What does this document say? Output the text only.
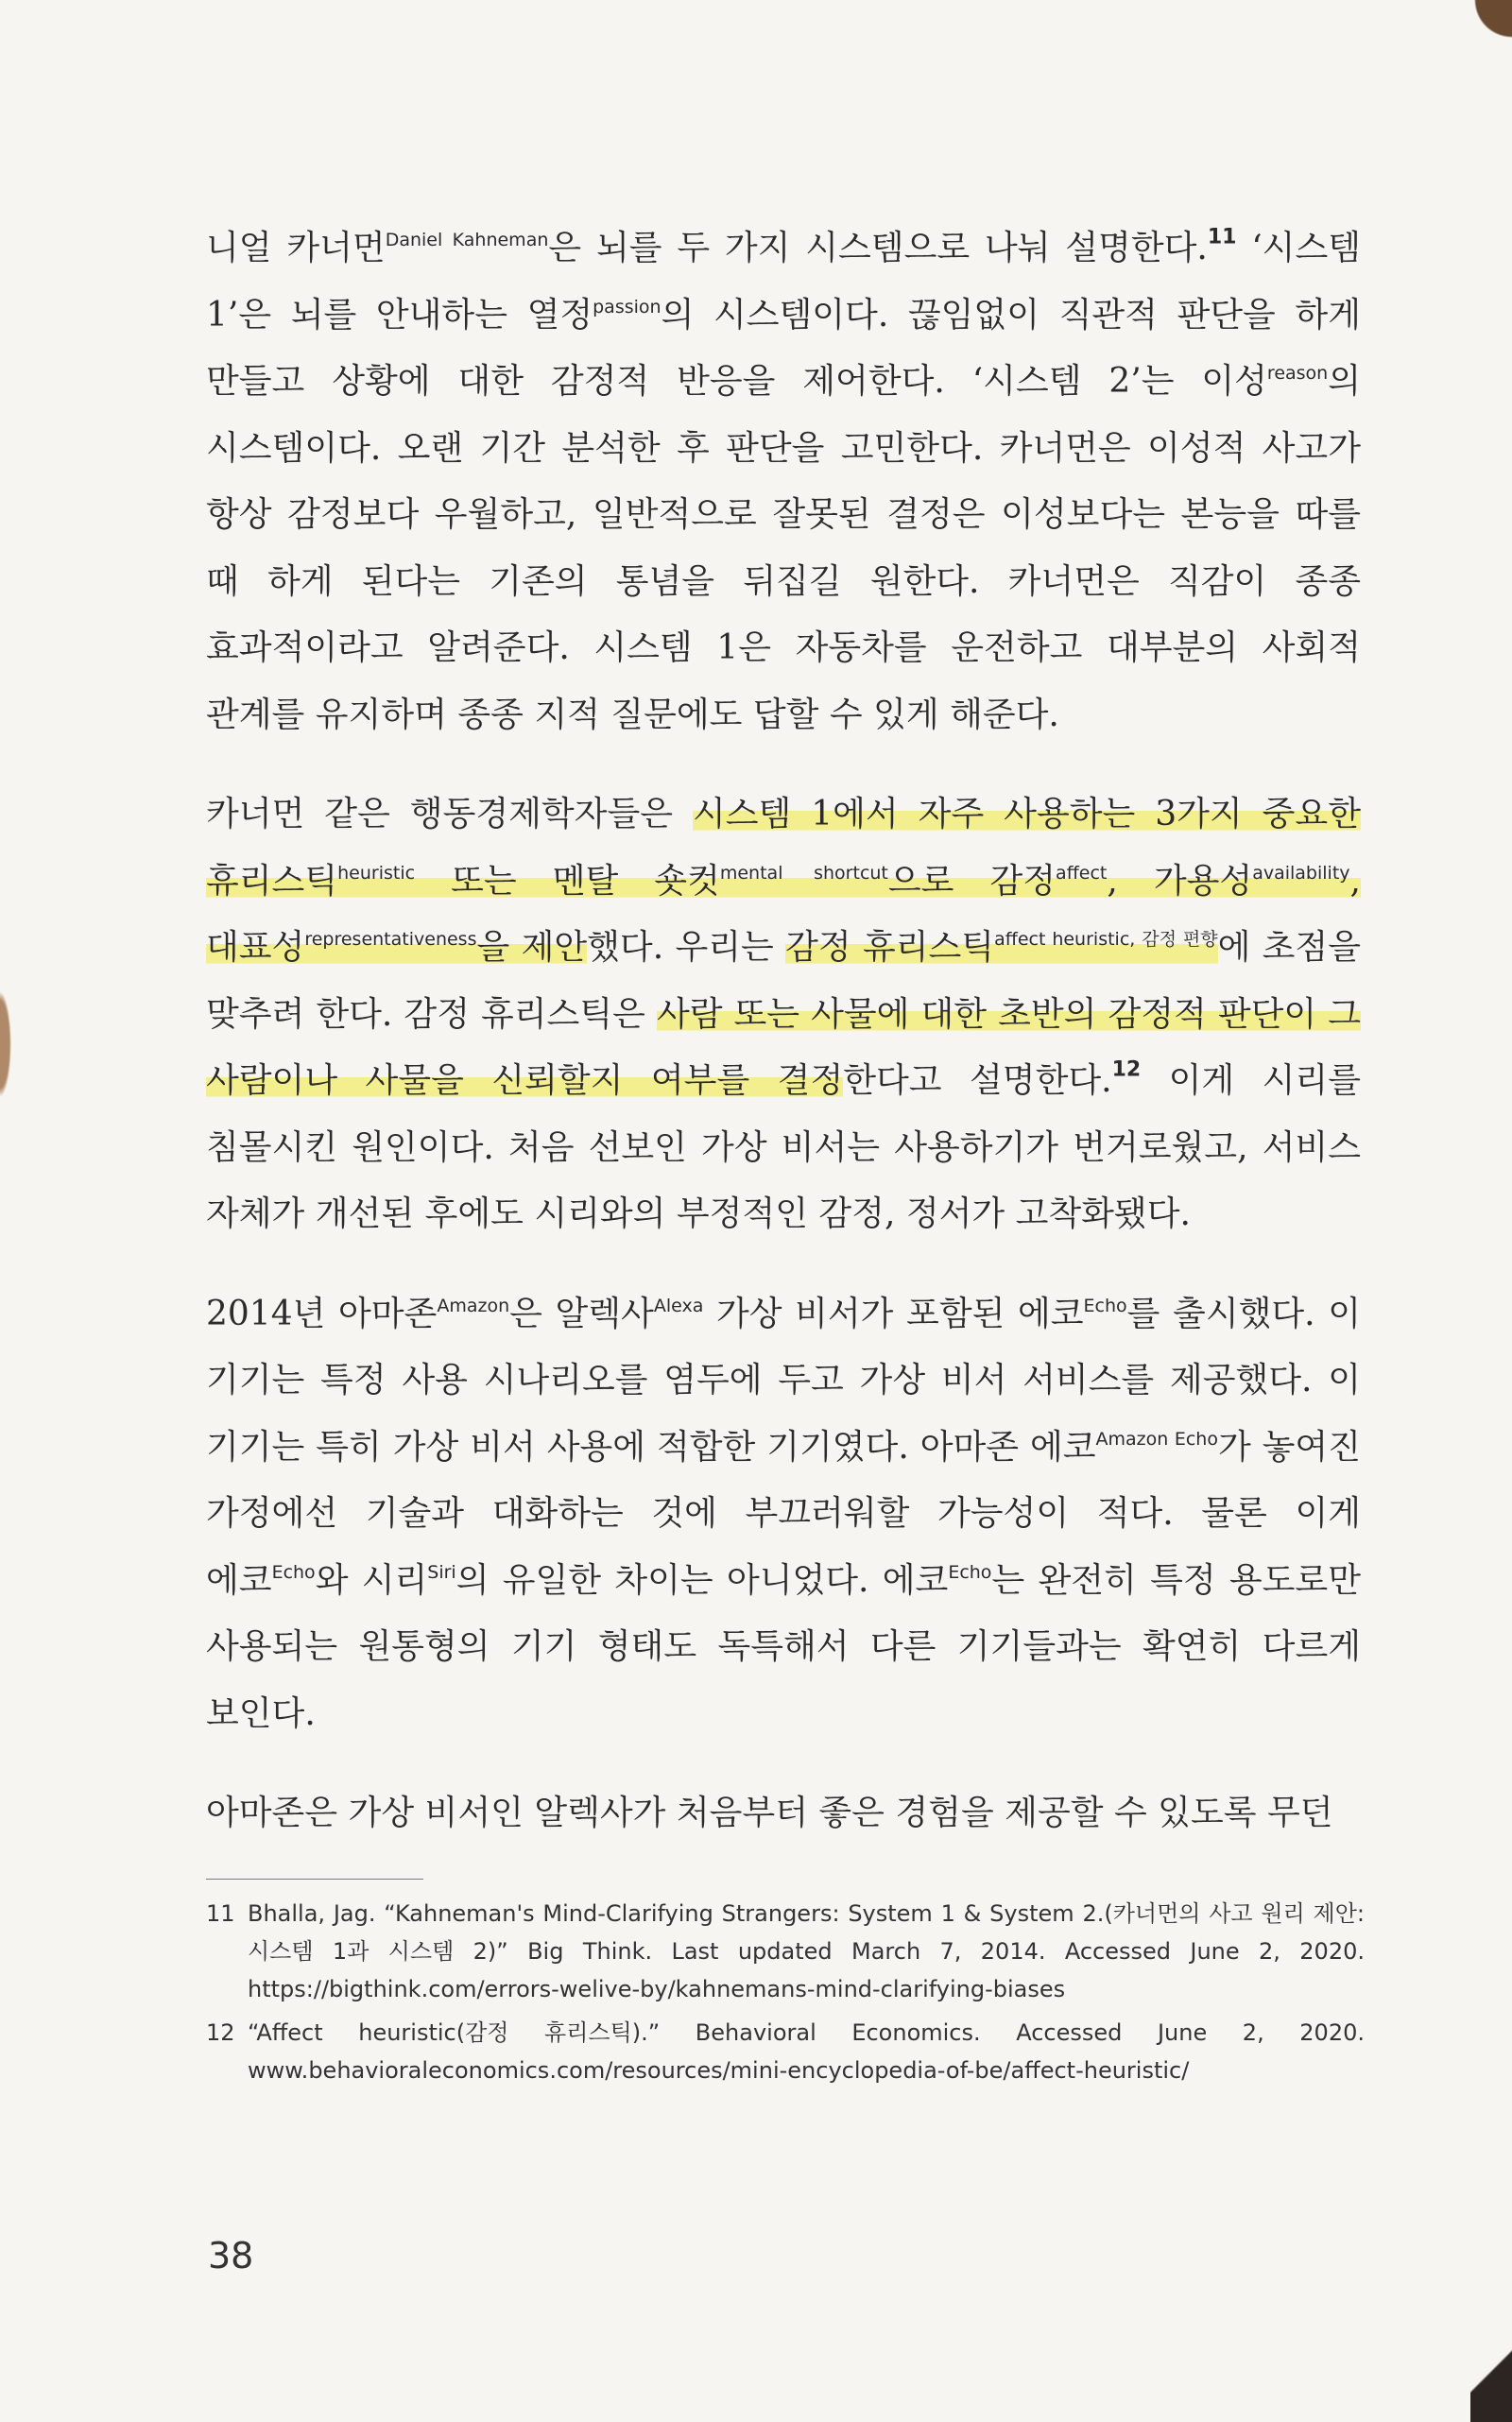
니얼 카너먼$^{Daniel Kahneman}$은 뇌를 두 가지 시스템으로 나눠 설명한다.$^{11}$ ‘시스템 1’은 뇌를 안내하는 열정$^{passion}$의 시스템이다. 끊임없이 직관적 판단을 하게 만들고 상황에 대한 감정적 반응을 제어한다. ‘시스템 2’는 이성$^{reason}$의 시스템이다. 오랜 기간 분석한 후 판단을 고민한다. 카너먼은 이성적 사고가 항상 감정보다 우월하고, 일반적으로 잘못된 결정은 이성보다는 본능을 따를 때 하게 된다는 기존의 통념을 뒤집길 원한다. 카너먼은 직감이 종종 효과적이라고 알려준다. 시스템 1은 자동차를 운전하고 대부분의 사회적 관계를 유지하며 종종 지적 질문에도 답할 수 있게 해준다.

카너먼 같은 행동경제학자들은 시스템 1에서 자주 사용하는 3가지 중요한 휴리스틱$^{heuristic}$ 또는 멘탈 숏컷$^{mental shortcut}$으로 감정$^{affect}$, 가용성$^{availability}$, 대표성$^{representativeness}$을 제안했다. 우리는 감정 휴리스틱$^{affect heuristic, 감정 편향}$에 초점을 맞추려 한다. 감정 휴리스틱은 사람 또는 사물에 대한 초반의 감정적 판단이 그 사람이나 사물을 신뢰할지 여부를 결정한다고 설명한다.$^{12}$ 이게 시리를 침몰시킨 원인이다. 처음 선보인 가상 비서는 사용하기가 번거로웠고, 서비스 자체가 개선된 후에도 시리와의 부정적인 감정, 정서가 고착화됐다.

2014년 아마존$^{Amazon}$은 알렉사$^{Alexa}$ 가상 비서가 포함된 에코$^{Echo}$를 출시했다. 이 기기는 특정 사용 시나리오를 염두에 두고 가상 비서 서비스를 제공했다. 이 기기는 특히 가상 비서 사용에 적합한 기기였다. 아마존 에코$^{Amazon Echo}$가 놓여진 가정에선 기술과 대화하는 것에 부끄러워할 가능성이 적다. 물론 이게 에코$^{Echo}$와 시리$^{Siri}$의 유일한 차이는 아니었다. 에코$^{Echo}$는 완전히 특정 용도로만 사용되는 원통형의 기기 형태도 독특해서 다른 기기들과는 확연히 다르게 보인다.

아마존은 가상 비서인 알렉사가 처음부터 좋은 경험을 제공할 수 있도록 무던

11 Bhalla, Jag. “Kahneman's Mind-Clarifying Strangers: System 1 & System 2.(카너먼의 사고 원리 제안: 시스템 1과 시스템 2)” Big Think. Last updated March 7, 2014. Accessed June 2, 2020. https://bigthink.com/errors-welive-by/kahnemans-mind-clarifying-biases
12 “Affect heuristic(감정 휴리스틱).” Behavioral Economics. Accessed June 2, 2020. www.behavioraleconomics.com/resources/mini-encyclopedia-of-be/affect-heuristic/
38
